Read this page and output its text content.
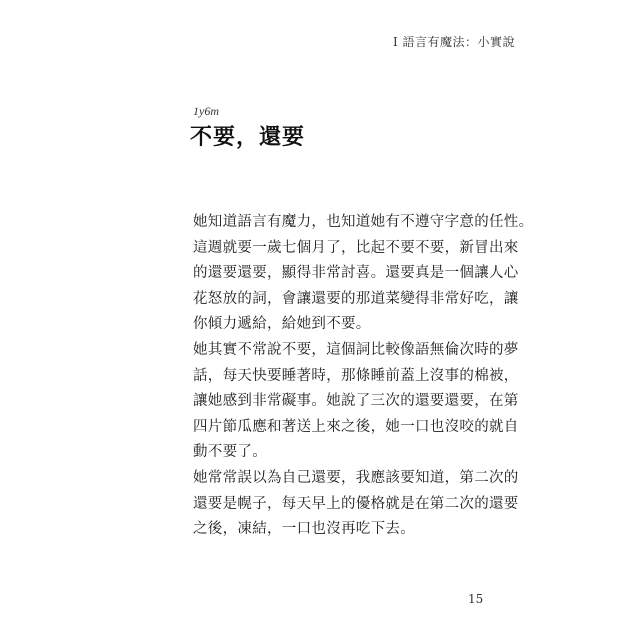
I 語言有魔法：小實說
1y6m
不要，還要
她知道語言有魔力，也知道她有不遵守字意的任性。
這週就要一歲七個月了，比起不要不要，新冒出來
的還要還要，顯得非常討喜。還要真是一個讓人心
花怒放的詞，會讓還要的那道菜變得非常好吃，讓
你傾力遞給，給她到不要。
她其實不常說不要，這個詞比較像語無倫次時的夢
話，每天快要睡著時，那條睡前蓋上沒事的棉被，
讓她感到非常礙事。她說了三次的還要還要，在第
四片節瓜應和著送上來之後，她一口也沒咬的就自
動不要了。
她常常誤以為自己還要，我應該要知道，第二次的
還要是幌子，每天早上的優格就是在第二次的還要
之後，凍結，一口也沒再吃下去。
15
